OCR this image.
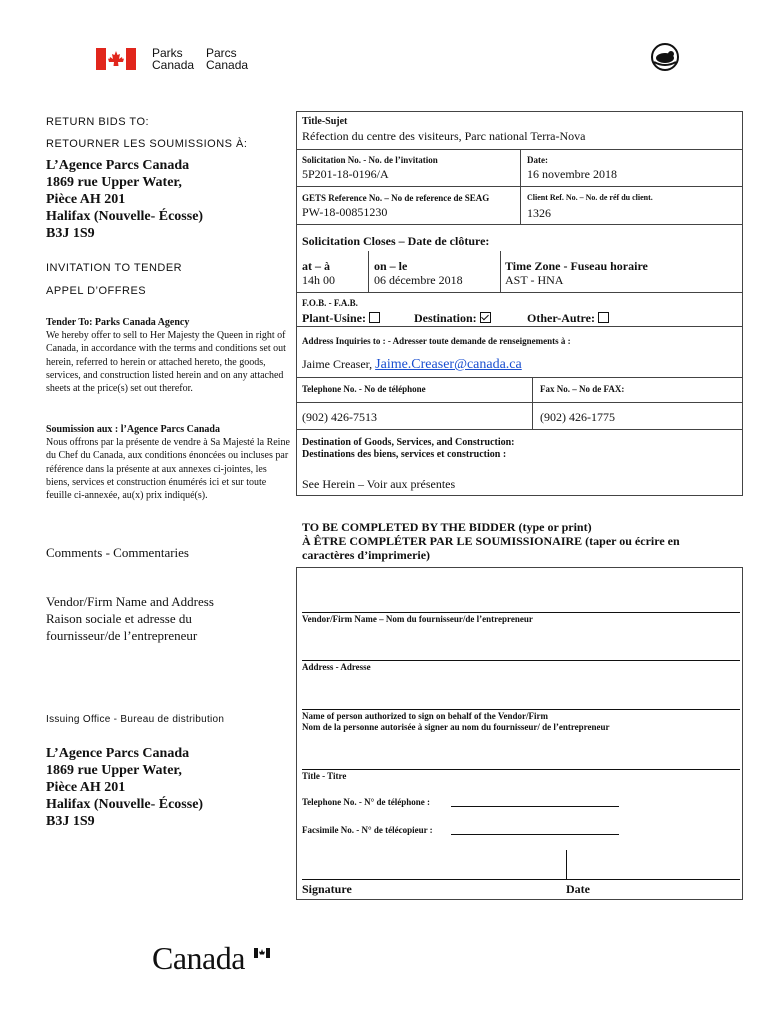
Parks
Canada
Parcs
Canada
RETURN BIDS TO:
RETOURNER LES SOUMISSIONS À:
L’Agence Parcs Canada
1869 rue Upper Water,
Pièce AH 201
Halifax (Nouvelle- Écosse)
B3J 1S9
INVITATION TO TENDER
APPEL D’OFFRES
Tender To: Parks Canada Agency
We hereby offer to sell to Her Majesty the Queen in right of Canada, in accordance with the terms and conditions set out herein, referred to herein or attached hereto, the goods, services, and construction listed herein and on any attached sheets at the price(s) set out therefor.
Soumission aux : l’Agence Parcs Canada
Nous offrons par la présente de vendre à Sa Majesté la Reine du Chef du Canada, aux conditions énoncées ou incluses par référence dans la présente at aux annexes ci-jointes, les biens, services et construction énumérés ici et sur toute feuille ci-annexée, au(x) prix indiqué(s).
Comments - Commentaries
Vendor/Firm Name and Address
Raison sociale et adresse du
fournisseur/de l’entrepreneur
Issuing Office - Bureau de distribution
L’Agence Parcs Canada
1869 rue Upper Water,
Pièce AH 201
Halifax (Nouvelle- Écosse)
B3J 1S9
Title-Sujet
Réfection du centre des visiteurs, Parc national Terra-Nova
Solicitation No. - No. de l’invitation
5P201-18-0196/A
Date:
16 novembre 2018
GETS Reference No. – No de reference de SEAG
PW-18-00851230
Client Ref. No. – No. de réf du client.
1326
Solicitation Closes – Date de clôture:
at – à
14h 00
on – le
06 décembre 2018
Time Zone - Fuseau horaire
AST - HNA
F.O.B. - F.A.B.
Plant-Usine:	Destination:	Other-Autre:
Address Inquiries to : - Adresser toute demande de renseignements à :
Jaime Creaser, Jaime.Creaser@canada.ca
Telephone No. - No de téléphone	Fax No. – No de FAX:
(902) 426-7513	(902) 426-1775
Destination of Goods, Services, and Construction:
Destinations des biens, services et construction :
See Herein – Voir aux présentes
TO BE COMPLETED BY THE BIDDER (type or print)
À ÊTRE COMPLÉTER PAR LE SOUMISSIONAIRE (taper ou écrire en
caractères d’imprimerie)
Vendor/Firm Name – Nom du fournisseur/de l’entrepreneur
Address - Adresse
Name of person authorized to sign on behalf of the Vendor/Firm
Nom de la personne autorisée à signer au nom du fournisseur/ de l’entrepreneur
Title - Titre
Telephone No. - N° de téléphone :
Facsimile No. - N° de télécopieur :
Signature	Date
Canada
